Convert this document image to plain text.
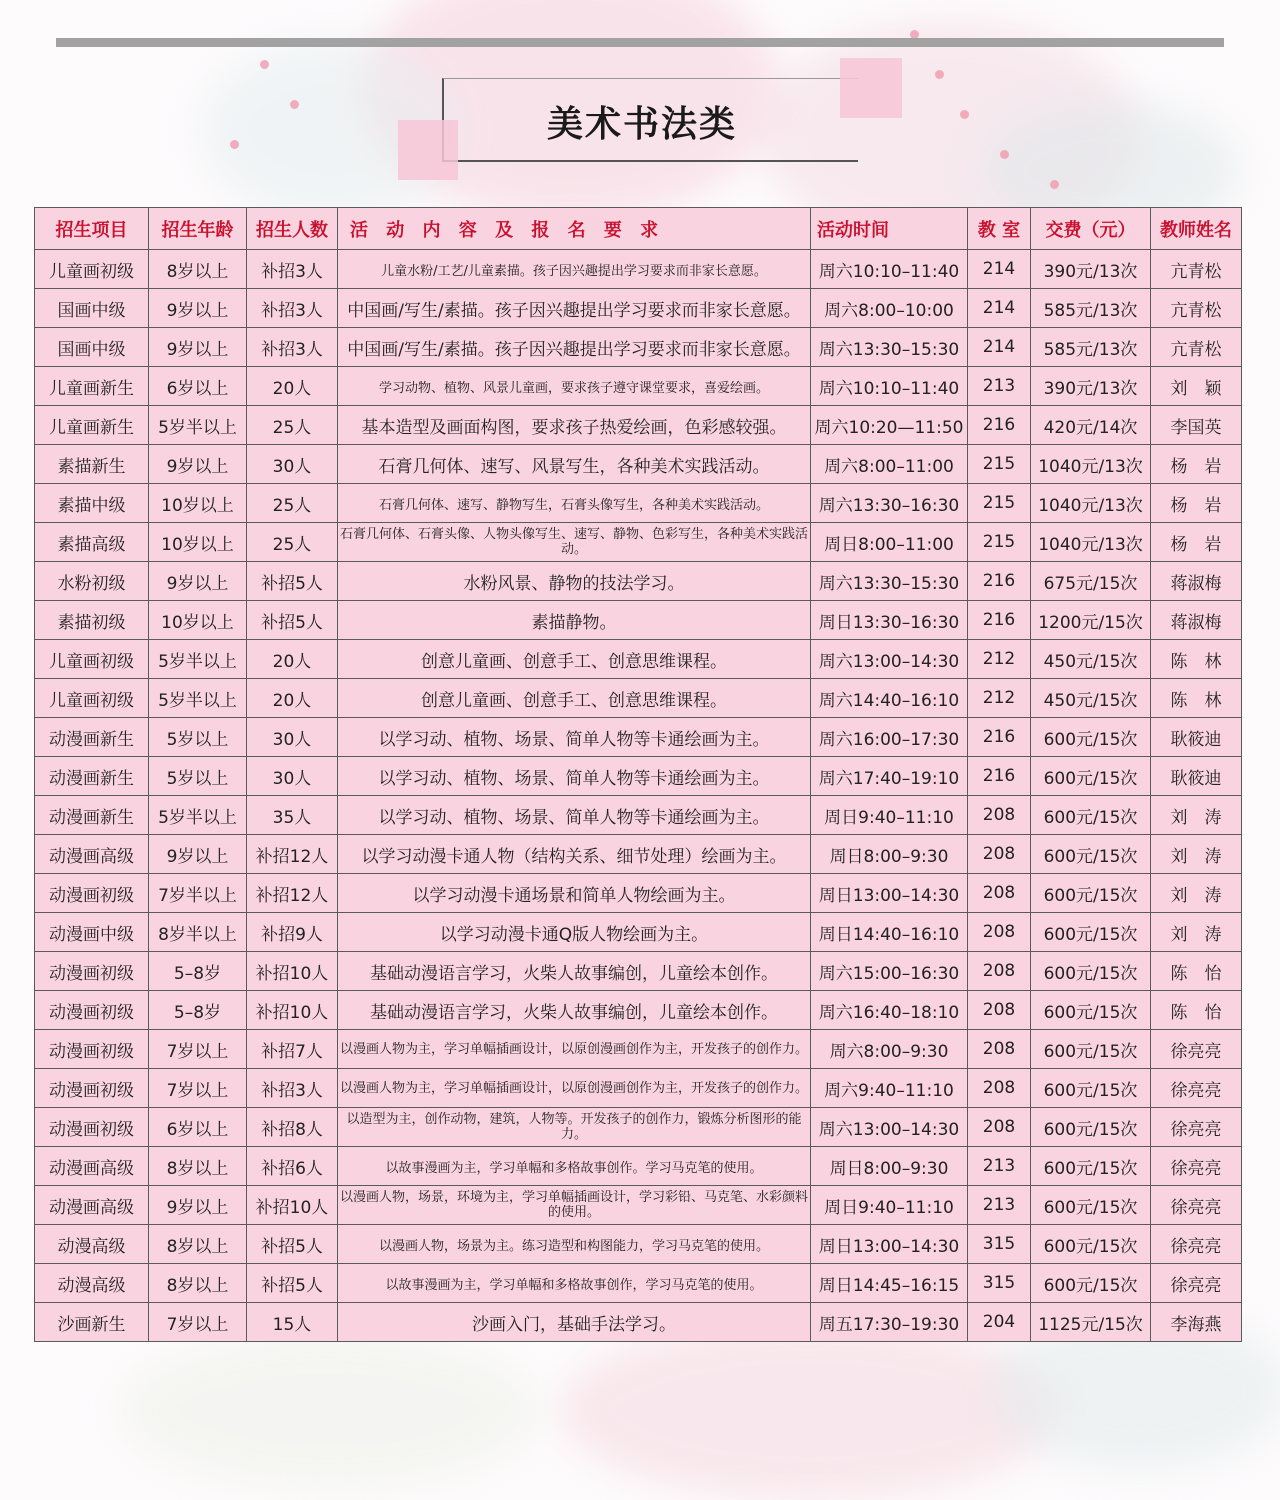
美术书法类
招生项目	招生年龄	招生人数	活 动 内 容 及 报 名 要 求	活动时间	教 室	交费（元）	教师姓名
儿童画初级	8岁以上	补招3人	儿童水粉/工艺/儿童素描。孩子因兴趣提出学习要求而非家长意愿。	周六10:10–11:40	214	390元/13次	亢青松
国画中级	9岁以上	补招3人	中国画/写生/素描。孩子因兴趣提出学习要求而非家长意愿。	周六8:00–10:00	214	585元/13次	亢青松
国画中级	9岁以上	补招3人	中国画/写生/素描。孩子因兴趣提出学习要求而非家长意愿。	周六13:30–15:30	214	585元/13次	亢青松
儿童画新生	6岁以上	20人	学习动物、植物、风景儿童画，要求孩子遵守课堂要求，喜爱绘画。	周六10:10–11:40	213	390元/13次	刘　颖
儿童画新生	5岁半以上	25人	基本造型及画面构图，要求孩子热爱绘画，色彩感较强。	周六10:20—11:50	216	420元/14次	李国英
素描新生	9岁以上	30人	石膏几何体、速写、风景写生，各种美术实践活动。	周六8:00–11:00	215	1040元/13次	杨　岩
素描中级	10岁以上	25人	石膏几何体、速写、静物写生，石膏头像写生，各种美术实践活动。	周六13:30–16:30	215	1040元/13次	杨　岩
素描高级	10岁以上	25人	石膏几何体、石膏头像、人物头像写生、速写、静物、色彩写生，各种美术实践活动。	周日8:00–11:00	215	1040元/13次	杨　岩
水粉初级	9岁以上	补招5人	水粉风景、静物的技法学习。	周六13:30–15:30	216	675元/15次	蒋淑梅
素描初级	10岁以上	补招5人	素描静物。	周日13:30–16:30	216	1200元/15次	蒋淑梅
儿童画初级	5岁半以上	20人	创意儿童画、创意手工、创意思维课程。	周六13:00–14:30	212	450元/15次	陈　林
儿童画初级	5岁半以上	20人	创意儿童画、创意手工、创意思维课程。	周六14:40–16:10	212	450元/15次	陈　林
动漫画新生	5岁以上	30人	以学习动、植物、场景、简单人物等卡通绘画为主。	周六16:00–17:30	216	600元/15次	耿筱迪
动漫画新生	5岁以上	30人	以学习动、植物、场景、简单人物等卡通绘画为主。	周六17:40–19:10	216	600元/15次	耿筱迪
动漫画新生	5岁半以上	35人	以学习动、植物、场景、简单人物等卡通绘画为主。	周日9:40–11:10	208	600元/15次	刘　涛
动漫画高级	9岁以上	补招12人	以学习动漫卡通人物（结构关系、细节处理）绘画为主。	周日8:00–9:30	208	600元/15次	刘　涛
动漫画初级	7岁半以上	补招12人	以学习动漫卡通场景和简单人物绘画为主。	周日13:00–14:30	208	600元/15次	刘　涛
动漫画中级	8岁半以上	补招9人	以学习动漫卡通Q版人物绘画为主。	周日14:40–16:10	208	600元/15次	刘　涛
动漫画初级	5–8岁	补招10人	基础动漫语言学习，火柴人故事编创，儿童绘本创作。	周六15:00–16:30	208	600元/15次	陈　怡
动漫画初级	5–8岁	补招10人	基础动漫语言学习，火柴人故事编创，儿童绘本创作。	周六16:40–18:10	208	600元/15次	陈　怡
动漫画初级	7岁以上	补招7人	以漫画人物为主，学习单幅插画设计，以原创漫画创作为主，开发孩子的创作力。	周六8:00–9:30	208	600元/15次	徐亮亮
动漫画初级	7岁以上	补招3人	以漫画人物为主，学习单幅插画设计，以原创漫画创作为主，开发孩子的创作力。	周六9:40–11:10	208	600元/15次	徐亮亮
动漫画初级	6岁以上	补招8人	以造型为主，创作动物，建筑，人物等。开发孩子的创作力，锻炼分析图形的能力。	周六13:00–14:30	208	600元/15次	徐亮亮
动漫画高级	8岁以上	补招6人	以故事漫画为主，学习单幅和多格故事创作。学习马克笔的使用。	周日8:00–9:30	213	600元/15次	徐亮亮
动漫画高级	9岁以上	补招10人	以漫画人物，场景，环境为主，学习单幅插画设计，学习彩铅、马克笔、水彩颜料的使用。	周日9:40–11:10	213	600元/15次	徐亮亮
动漫高级	8岁以上	补招5人	以漫画人物，场景为主。练习造型和构图能力，学习马克笔的使用。	周日13:00–14:30	315	600元/15次	徐亮亮
动漫高级	8岁以上	补招5人	以故事漫画为主，学习单幅和多格故事创作，学习马克笔的使用。	周日14:45–16:15	315	600元/15次	徐亮亮
沙画新生	7岁以上	15人	沙画入门，基础手法学习。	周五17:30–19:30	204	1125元/15次	李海燕
